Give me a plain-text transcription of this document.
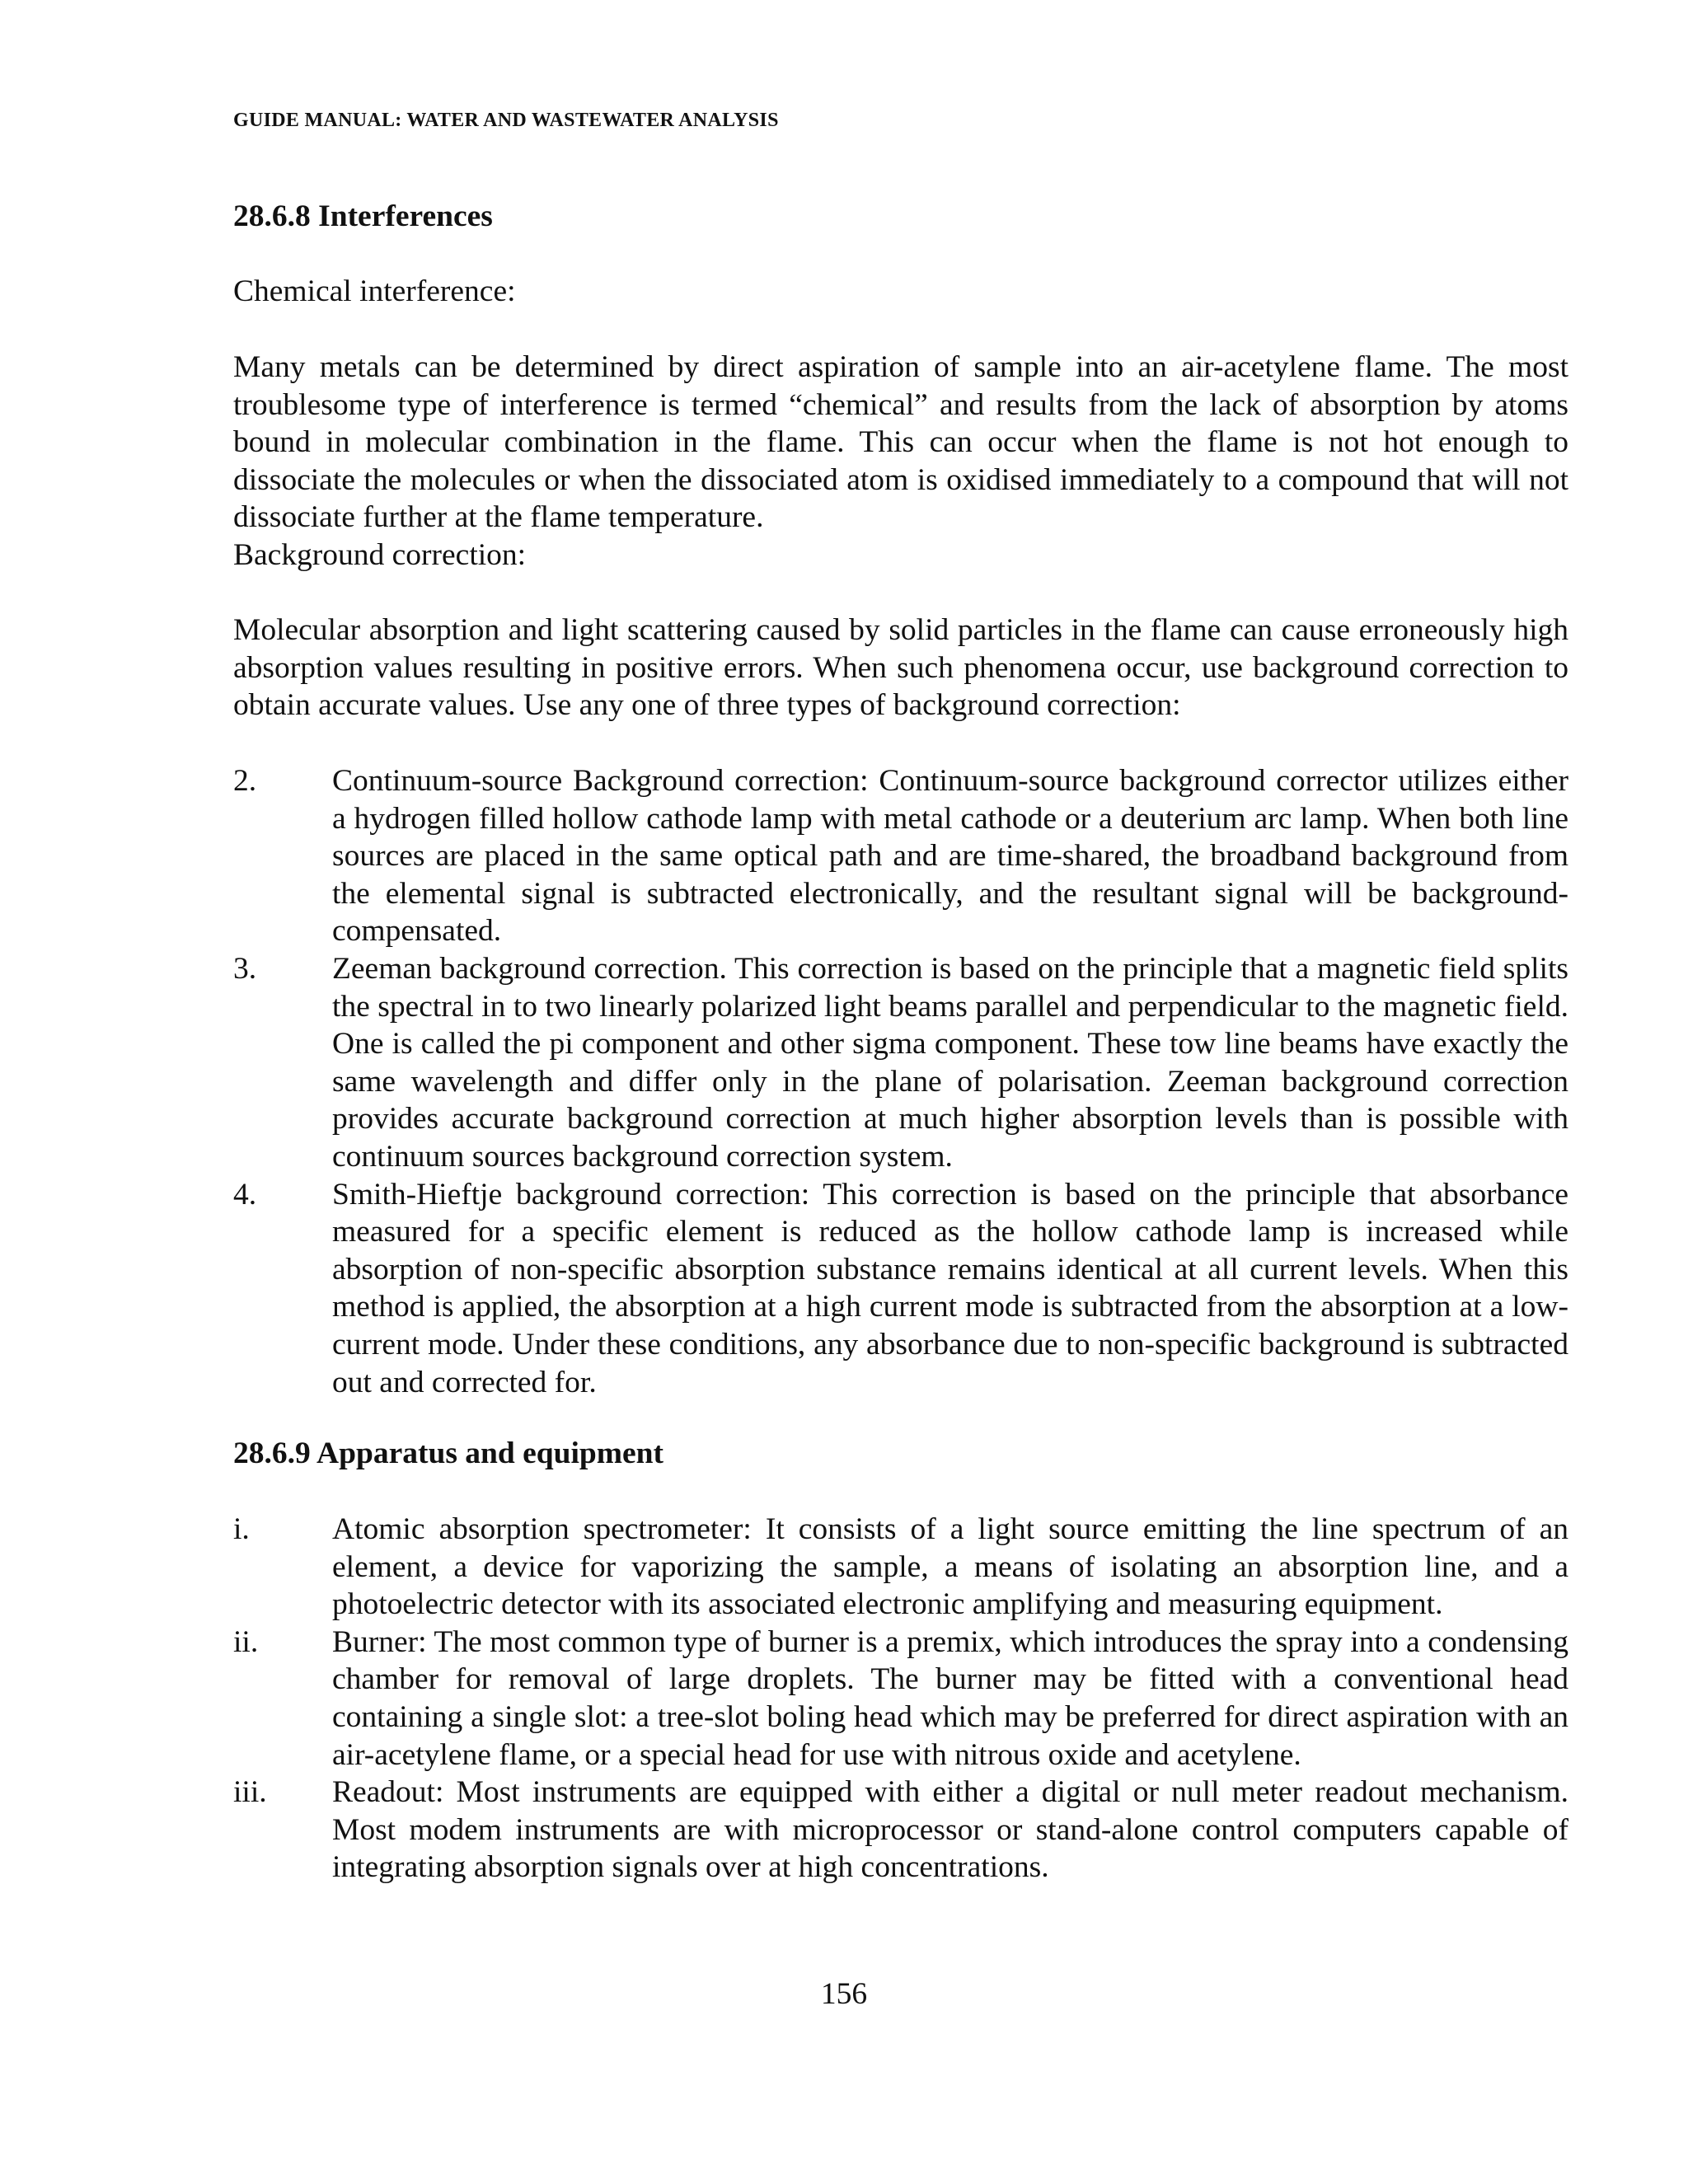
GUIDE MANUAL: WATER AND WASTEWATER ANALYSIS
28.6.8 Interferences
Chemical interference:

Many metals can be determined by direct aspiration of sample into an air-acetylene flame. The most troublesome type of interference is termed “chemical” and results from the lack of absorption by atoms bound in molecular combination in the flame. This can occur when the flame is not hot enough to dissociate the molecules or when the dissociated atom is oxidised immediately to a compound that will not dissociate further at the flame temperature.

Background correction:

Molecular absorption and light scattering caused by solid particles in the flame can cause erroneously high absorption values resulting in positive errors. When such phenomena occur, use background correction to obtain accurate values. Use any one of three types of background correction:

2.	Continuum-source Background correction: Continuum-source background corrector utilizes either a hydrogen filled hollow cathode lamp with metal cathode or a deuterium arc lamp. When both line sources are placed in the same optical path and are time-shared, the broadband background from the elemental signal is subtracted electronically, and the resultant signal will be background-compensated.
3.	Zeeman background correction. This correction is based on the principle that a magnetic field splits the spectral in to two linearly polarized light beams parallel and perpendicular to the magnetic field. One is called the pi component and other sigma component. These tow line beams have exactly the same wavelength and differ only in the plane of polarisation. Zeeman background correction provides accurate background correction at much higher absorption levels than is possible with continuum sources background correction system.
4.	Smith-Hieftje background correction: This correction is based on the principle that absorbance measured for a specific element is reduced as the hollow cathode lamp is increased while absorption of non-specific absorption substance remains identical at all current levels. When this method is applied, the absorption at a high current mode is subtracted from the absorption at a low-current mode. Under these conditions, any absorbance due to non-specific background is subtracted out and corrected for.
28.6.9 Apparatus and equipment
i.	Atomic absorption spectrometer: It consists of a light source emitting the line spectrum of an element, a device for vaporizing the sample, a means of isolating an absorption line, and a photoelectric detector with its associated electronic amplifying and measuring equipment.
ii. Burner: The most common type of burner is a premix, which introduces the spray into a condensing chamber for removal of large droplets. The burner may be fitted with a conventional head containing a single slot: a tree-slot boling head which may be preferred for direct aspiration with an air-acetylene flame, or a special head for use with nitrous oxide and acetylene.
iii. Readout: Most instruments are equipped with either a digital or null meter readout mechanism. Most modem instruments are with microprocessor or stand-alone control computers capable of integrating absorption signals over at high concentrations.
156
